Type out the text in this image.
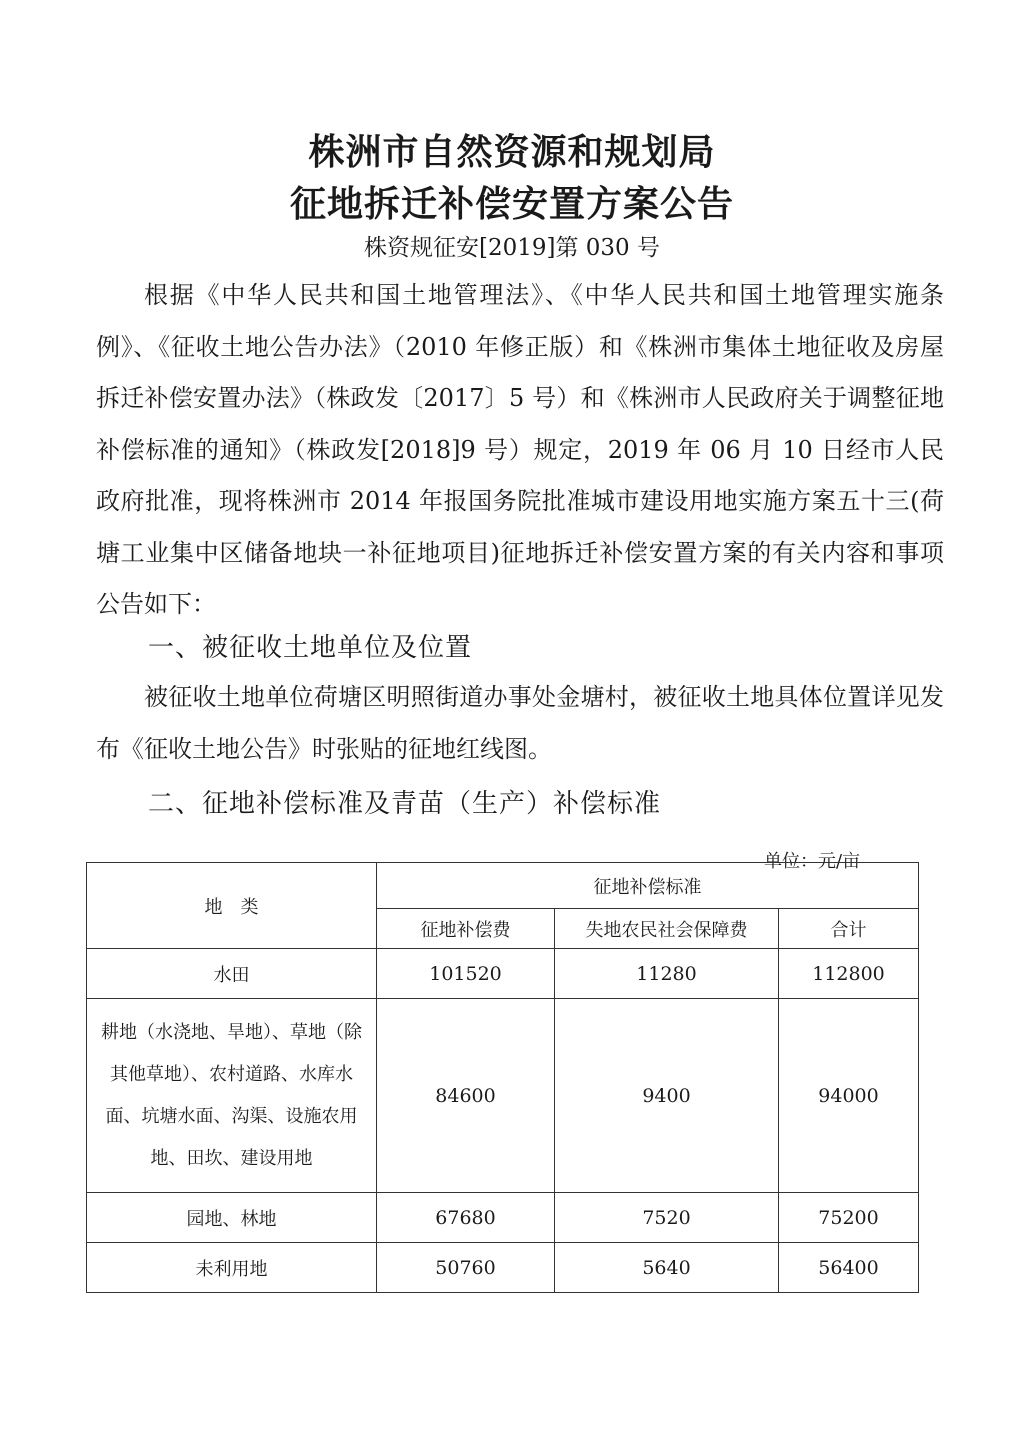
株洲市自然资源和规划局
征地拆迁补偿安置方案公告
株资规征安[2019]第 030 号

根据《中华人民共和国土地管理法》、《中华人民共和国土地管理实施条例》、《征收土地公告办法》（2010 年修正版）和《株洲市集体土地征收及房屋拆迁补偿安置办法》（株政发〔2017〕5 号）和《株洲市人民政府关于调整征地补偿标准的通知》（株政发[2018]9 号）规定，2019 年 06 月 10 日经市人民政府批准，现将株洲市 2014 年报国务院批准城市建设用地实施方案五十三(荷塘工业集中区储备地块一补征地项目)征地拆迁补偿安置方案的有关内容和事项公告如下：

一、被征收土地单位及位置

被征收土地单位荷塘区明照街道办事处金塘村，被征收土地具体位置详见发布《征收土地公告》时张贴的征地红线图。

二、征地补偿标准及青苗（生产）补偿标准
单位：元/亩
地　类	征地补偿标准		
	征地补偿费	失地农民社会保障费	合计
水田	101520	11280	112800
耕地（水浇地、旱地）、草地（除其他草地）、农村道路、水库水面、坑塘水面、沟渠、设施农用地、田坎、建设用地	84600	9400	94000
园地、林地	67680	7520	75200
未利用地	50760	5640	56400
